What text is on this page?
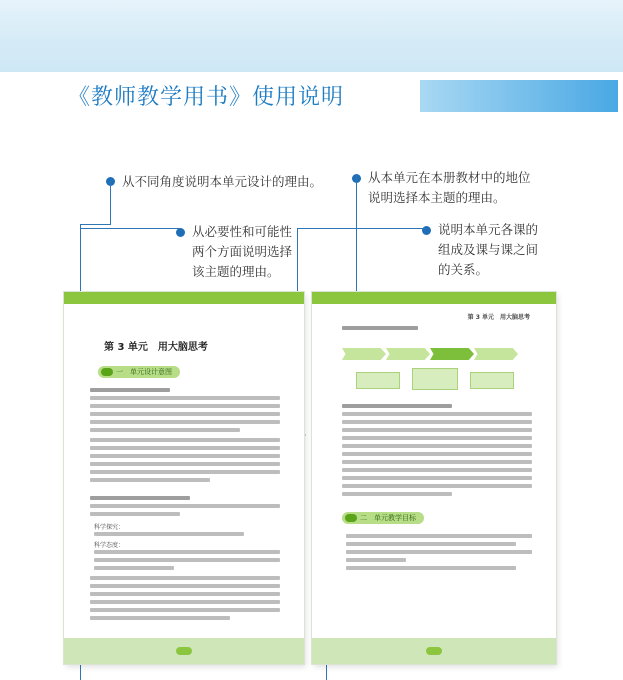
《教师教学用书》使用说明
从不同角度说明本单元设计的理由。	从本单元在本册教材中的地位
说明选择本主题的理由。
从必要性和可能性
两个方面说明选择
该主题的理由。
说明本单元各课的
组成及课与课之间
的关系。
第 3 单元　用大脑思考
一　单元设计意图
科学探究：
科学态度：
第 3 单元　用大脑思考
二　单元教学目标
